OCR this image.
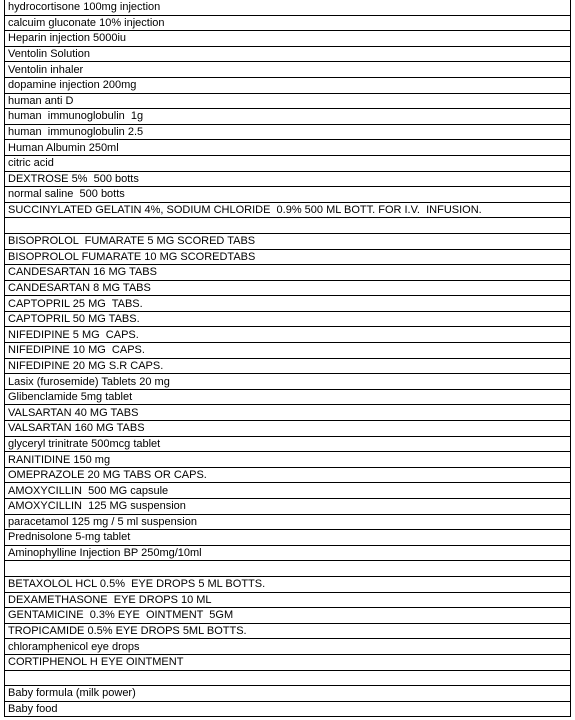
hydrocortisone 100mg injection
calcuim gluconate 10% injection
Heparin injection 5000iu
Ventolin Solution
Ventolin inhaler
dopamine injection 200mg
human anti D
human  immunoglobulin  1g
human  immunoglobulin 2.5
Human Albumin 250ml
citric acid
DEXTROSE 5%  500 botts
normal saline  500 botts
SUCCINYLATED GELATIN 4%, SODIUM CHLORIDE  0.9% 500 ML BOTT. FOR I.V.  INFUSION.

BISOPROLOL  FUMARATE 5 MG SCORED TABS
BISOPROLOL FUMARATE 10 MG SCOREDTABS
CANDESARTAN 16 MG TABS
CANDESARTAN 8 MG TABS
CAPTOPRIL 25 MG  TABS.
CAPTOPRIL 50 MG TABS.
NIFEDIPINE 5 MG  CAPS.
NIFEDIPINE 10 MG  CAPS.
NIFEDIPINE 20 MG S.R CAPS.
Lasix (furosemide) Tablets 20 mg
Glibenclamide 5mg tablet
VALSARTAN 40 MG TABS
VALSARTAN 160 MG TABS
glyceryl trinitrate 500mcg tablet
RANITIDINE 150 mg
OMEPRAZOLE 20 MG TABS OR CAPS.
AMOXYCILLIN  500 MG capsule
AMOXYCILLIN  125 MG suspension
paracetamol 125 mg / 5 ml suspension
Prednisolone 5-mg tablet
Aminophylline Injection BP 250mg/10ml

BETAXOLOL HCL 0.5%  EYE DROPS 5 ML BOTTS.
DEXAMETHASONE  EYE DROPS 10 ML
GENTAMICINE  0.3% EYE  OINTMENT  5GM
TROPICAMIDE 0.5% EYE DROPS 5ML BOTTS.
chloramphenicol eye drops
CORTIPHENOL H EYE OINTMENT

Baby formula (milk power)
Baby food
